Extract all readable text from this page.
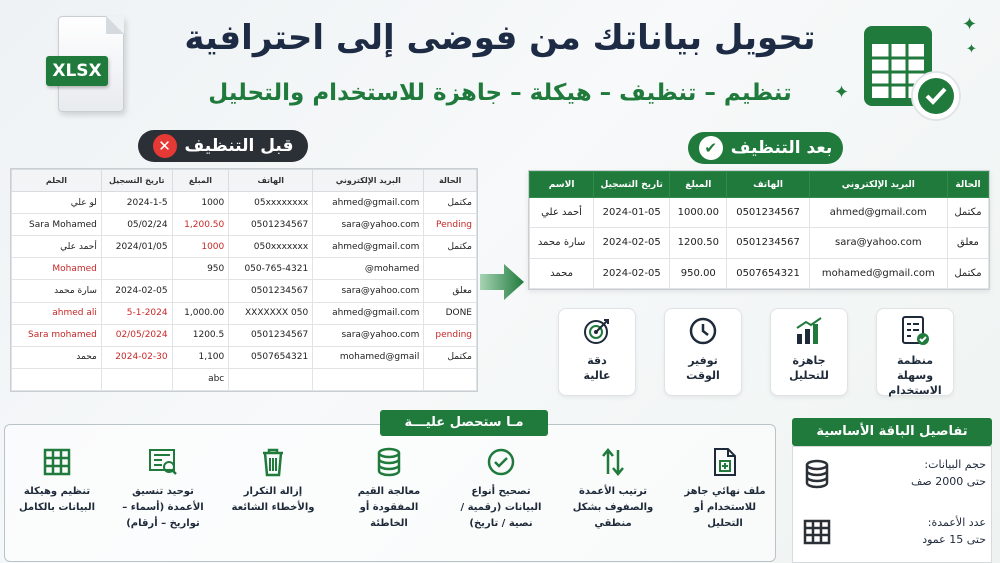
تحويل بياناتك من فوضى إلى احترافية
تنظيم – تنظيف – هيكلة – جاهزة للاستخدام والتحليل
XLSX
✦
✦
✦
قبل التنظيف
✕	بعد التنظيف
✔
الحالة	البريد الإلكتروني	الهاتف	المبلغ	تاريخ التسجيل	الحلم
مكتمل	ahmed@gmail.com	05xxxxxxxx	1000	2024-1-5	لو علي
Pending	sara@yahoo.com	0501234567	1,200.50	05/02/24	Sara Mohamed
مكتمل	ahmed@gmail.com	050xxxxxxx	1000	2024/01/05	أحمد علي
	mohamed@	050-765-4321	950		Mohamed
معلق	sara@yahoo.com	0501234567		2024-02-05	سارة محمد
DONE	ahmed@gmail.com	050 XXXXXXX	1,000.00	5-1-2024	ahmed ali
pending	sara@yahoo.com	0501234567	1200.5	02/05/2024	Sara mohamed
مكتمل	mohamed@gmail	0507654321	1,100	2024-02-30	محمد
			abc		
الحالة	البريد الإلكتروني	الهاتف	المبلغ	تاريخ التسجيل	الاسم
مكتمل	ahmed@gmail.com	0501234567	1000.00	2024-01-05	أحمد علي
معلق	sara@yahoo.com	0501234567	1200.50	2024-02-05	سارة محمد
مكتمل	mohamed@gmail.com	0507654321	950.00	2024-02-05	محمد
منظمة
وسهلة الاستخدام
جاهزة
للتحليل
توفير
الوقت
دقة
عالية
مـا ستحصل عليـــة
ملف نهائي جاهز
للاستخدام أو
التحليل
ترتيب الأعمدة
والصفوف بشكل
منطقي
تصحيح أنواع
البيانات (رقمية /
نصية / تاريخ)
معالجة القيم
المفقودة أو
الخاطئة
إزالة التكرار
والأخطاء الشائعة
توحيد تنسيق
الأعمدة (أسماء –
تواريخ – أرقام)
تنظيم وهيكلة
البيانات بالكامل
تفاصيل الباقة الأساسية
حجم البيانات:
حتى 2000 صف
عدد الأعمدة:
حتى 15 عمود
